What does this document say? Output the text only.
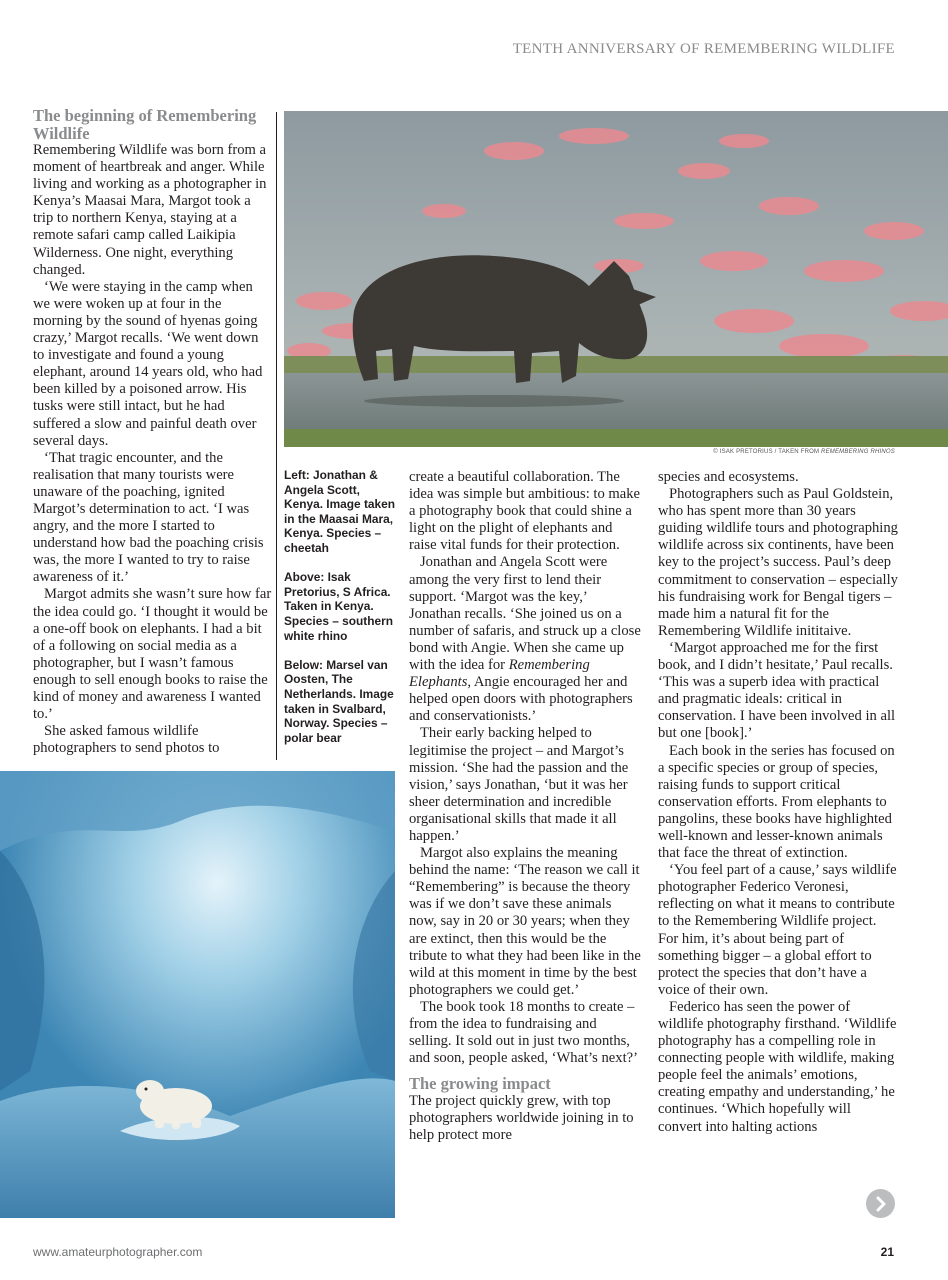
TENTH ANNIVERSARY OF REMEMBERING WILDLIFE
© ISAK PRETORIUS / TAKEN FROM REMEMBERING RHINOS
The beginning of Remembering Wildlife

Remembering Wildlife was born from a moment of heartbreak and anger. While living and working as a photographer in Kenya’s Maasai Mara, Margot took a trip to northern Kenya, staying at a remote safari camp called Laikipia Wilderness. One night, everything changed.

‘We were staying in the camp when we were woken up at four in the morning by the sound of hyenas going crazy,’ Margot recalls. ‘We went down to investigate and found a young elephant, around 14 years old, who had been killed by a poisoned arrow. His tusks were still intact, but he had suffered a slow and painful death over several days.

‘That tragic encounter, and the realisation that many tourists were unaware of the poaching, ignited Margot’s determination to act. ‘I was angry, and the more I started to understand how bad the poaching crisis was, the more I wanted to try to raise awareness of it.’

Margot admits she wasn’t sure how far the idea could go. ‘I thought it would be a one-off book on elephants. I had a bit of a following on social media as a photographer, but I wasn’t famous enough to sell enough books to raise the kind of money and awareness I wanted to.’

She asked famous wildlife photographers to send photos to

Left: Jonathan & Angela Scott, Kenya. Image taken in the Maasai Mara, Kenya. Species – cheetah

Above: Isak Pretorius, S Africa. Taken in Kenya. Species – southern white rhino

Below: Marsel van Oosten, The Netherlands. Image taken in Svalbard, Norway. Species – polar bear

create a beautiful collaboration. The idea was simple but ambitious: to make a photography book that could shine a light on the plight of elephants and raise vital funds for their protection.

Jonathan and Angela Scott were among the very first to lend their support. ‘Margot was the key,’ Jonathan recalls. ‘She joined us on a number of safaris, and struck up a close bond with Angie. When she came up with the idea for Remembering Elephants, Angie encouraged her and helped open doors with photographers and conservationists.’

Their early backing helped to legitimise the project – and Margot’s mission. ‘She had the passion and the vision,’ says Jonathan, ‘but it was her sheer determination and incredible organisational skills that made it all happen.’

Margot also explains the meaning behind the name: ‘The reason we call it “Remembering” is because the theory was if we don’t save these animals now, say in 20 or 30 years; when they are extinct, then this would be the tribute to what they had been like in the wild at this moment in time by the best photographers we could get.’

The book took 18 months to create – from the idea to fundraising and selling. It sold out in just two months, and soon, people asked, ‘What’s next?’

The growing impact

The project quickly grew, with top photographers worldwide joining in to help protect more

species and ecosystems.

Photographers such as Paul Goldstein, who has spent more than 30 years guiding wildlife tours and photographing wildlife across six continents, have been key to the project’s success. Paul’s deep commitment to conservation – especially his fundraising work for Bengal tigers – made him a natural fit for the Remembering Wildlife inititaive.

‘Margot approached me for the first book, and I didn’t hesitate,’ Paul recalls. ‘This was a superb idea with practical and pragmatic ideals: critical in conservation. I have been involved in all but one [book].’

Each book in the series has focused on a specific species or group of species, raising funds to support critical conservation efforts. From elephants to pangolins, these books have highlighted well-known and lesser-known animals that face the threat of extinction.

‘You feel part of a cause,’ says wildlife photographer Federico Veronesi, reflecting on what it means to contribute to the Remembering Wildlife project. For him, it’s about being part of something bigger – a global effort to protect the species that don’t have a voice of their own.

Federico has seen the power of wildlife photography firsthand. ‘Wildlife photography has a compelling role in connecting people with wildlife, making people feel the animals’ emotions, creating empathy and understanding,’ he continues. ‘Which hopefully will convert into halting actions

www.amateurphotographer.com	21
